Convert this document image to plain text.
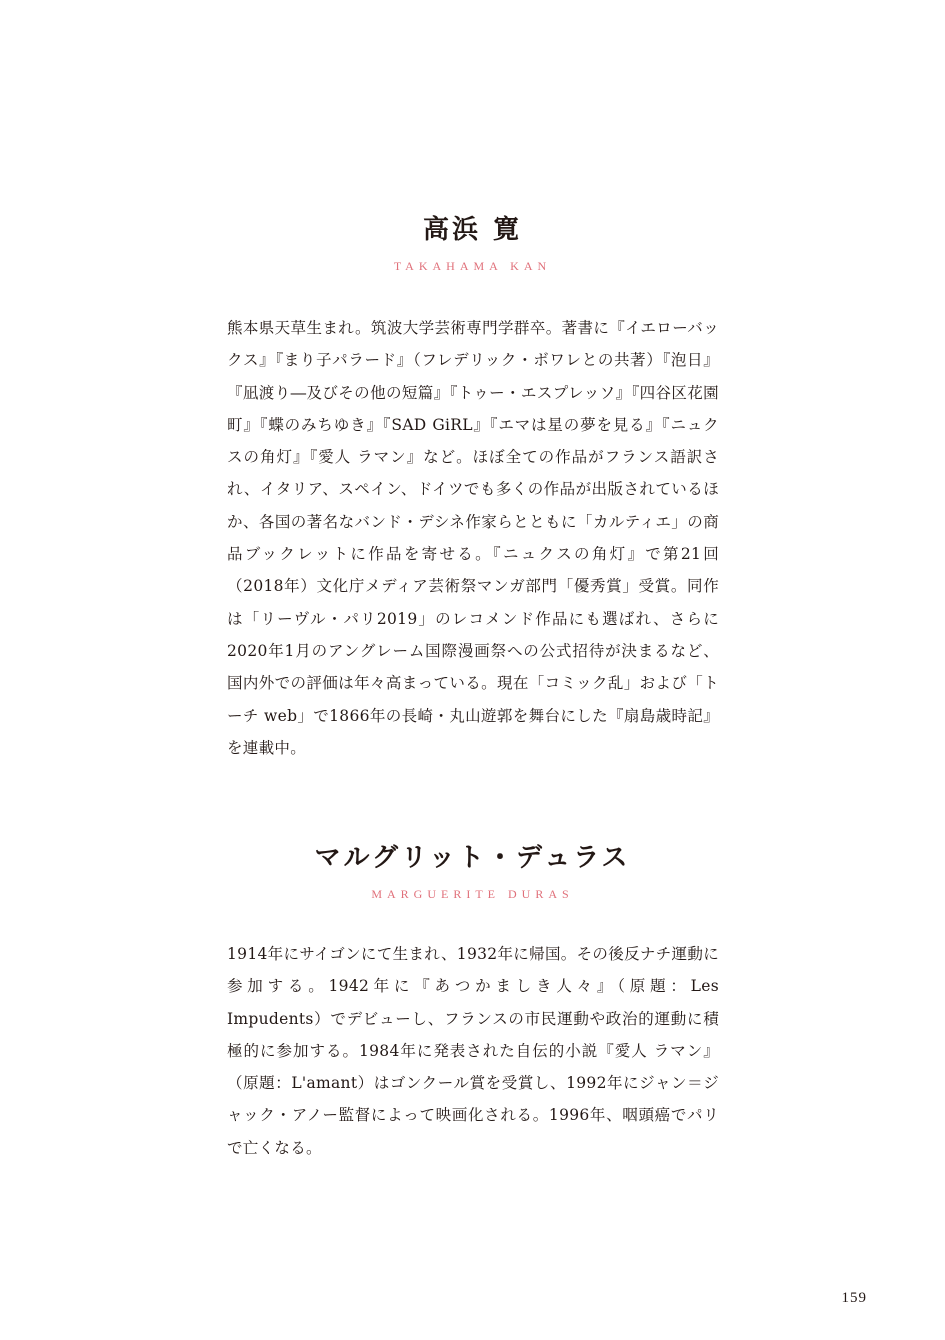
高浜 寛
TAKAHAMA KAN

熊本県天草生まれ。筑波大学芸術専門学群卒。著書に『イエローバックス』『まり子パラード』（フレデリック・ボワレとの共著）『泡日』『凪渡り―及びその他の短篇』『トゥー・エスプレッソ』『四谷区花園町』『蝶のみちゆき』『SAD GiRL』『エマは星の夢を見る』『ニュクスの角灯』『愛人 ラマン』など。ほぼ全ての作品がフランス語訳され、イタリア、スペイン、ドイツでも多くの作品が出版されているほか、各国の著名なバンド・デシネ作家らとともに「カルティエ」の商品ブックレットに作品を寄せる。『ニュクスの角灯』で第21回（2018年）文化庁メディア芸術祭マンガ部門「優秀賞」受賞。同作は「リーヴル・パリ2019」のレコメンド作品にも選ばれ、さらに2020年1月のアングレーム国際漫画祭への公式招待が決まるなど、国内外での評価は年々高まっている。現在「コミック乱」および「トーチ web」で1866年の長崎・丸山遊郭を舞台にした『扇島歳時記』を連載中。

マルグリット・デュラス
MARGUERITE DURAS

1914年にサイゴンにて生まれ、1932年に帰国。その後反ナチ運動に参加する。1942年に『あつかましき人々』（原題：Les Impudents）でデビューし、フランスの市民運動や政治的運動に積極的に参加する。1984年に発表された自伝的小説『愛人 ラマン』（原題：L'amant）はゴンクール賞を受賞し、1992年にジャン＝ジャック・アノー監督によって映画化される。1996年、咽頭癌でパリで亡くなる。

159
